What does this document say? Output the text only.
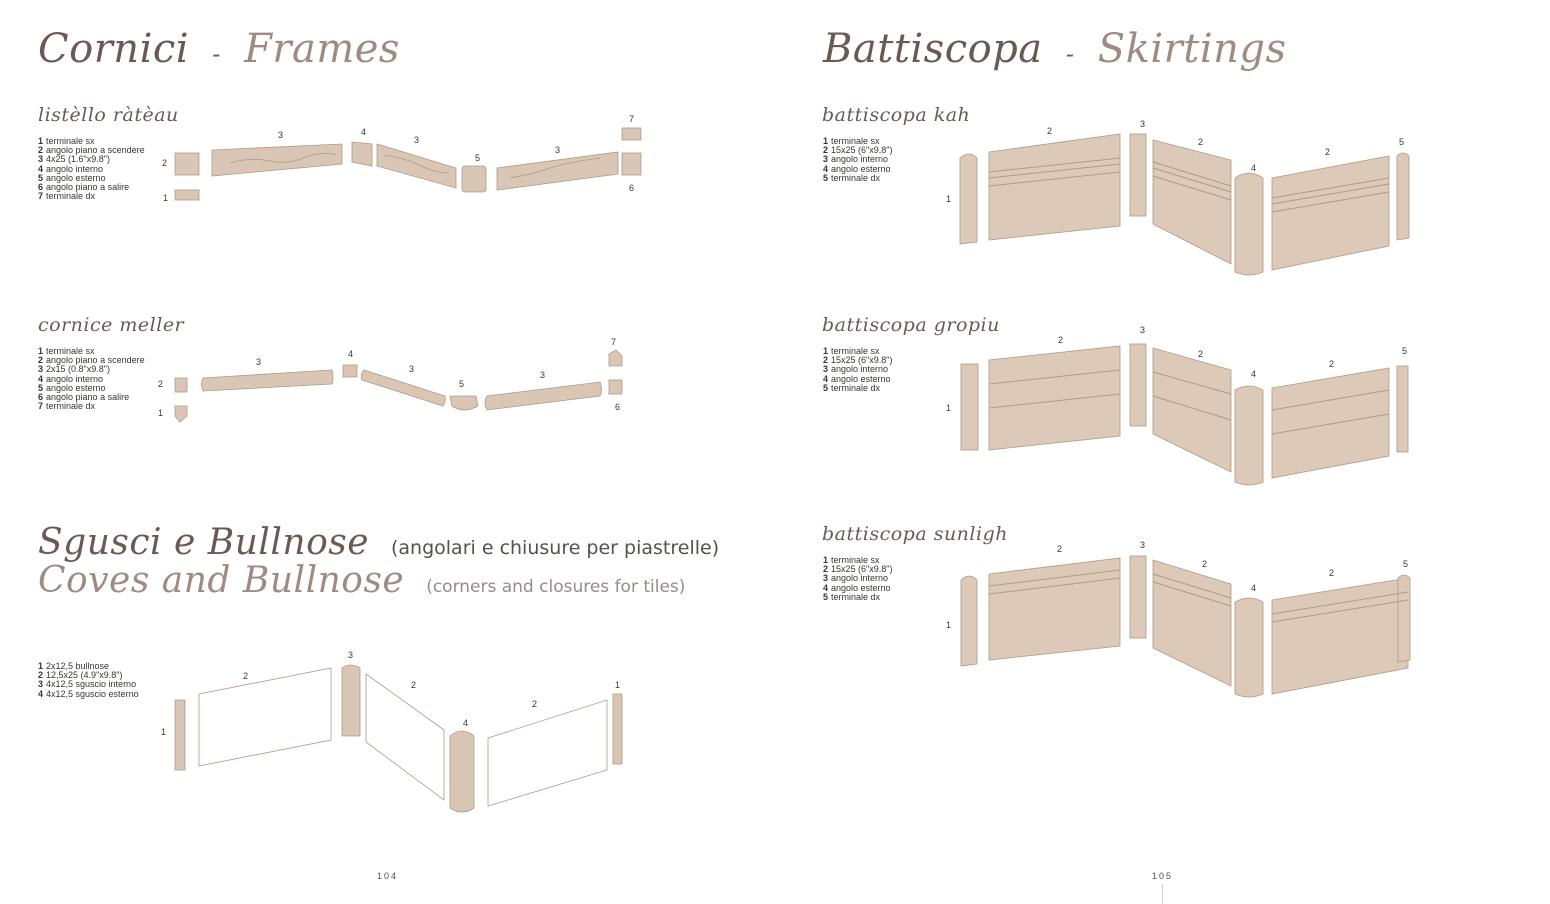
Cornici - Frames
listèllo ràtèau
1 terminale sx
2 angolo piano a scendere
3 4x25 (1.6"x9.8")
4 angolo interno
5 angolo esterno
6 angolo piano a salire
7 terminale dx	1
2
3	4
3
5
3
6
7
cornice meller
1 terminale sx
2 angolo piano a scendere
3 2x15 (0.8"x9.8")
4 angolo interno
5 angolo esterno
6 angolo piano a salire
7 terminale dx
1
2
3
4
3
5
3
6
7
Sgusci e Bullnose (angolari e chiusure per piastrelle)
Coves and Bullnose (corners and closures for tiles)
1 2x12,5 bullnose
2 12,5x25 (4.9"x9.8")
3 4x12,5 sguscio interno
4 4x12,5 sguscio esterno
1
2
3
2
4
2
1
104
Battiscopa - Skirtings
battiscopa kah
1 terminale sx
2 15x25 (6"x9.8")
3 angolo interno
4 angolo esterno
5 terminale dx
1
2
3
2
4
2
5
battiscopa gropiu
1 terminale sx
2 15x25 (6"x9.8")
3 angolo interno
4 angolo esterno
5 terminale dx
1
2
3
2
4
2
5
battiscopa sunligh
1 terminale sx
2 15x25 (6"x9.8")
3 angolo interno
4 angolo esterno
5 terminale dx
1
2	3
2
4
2
5
105
